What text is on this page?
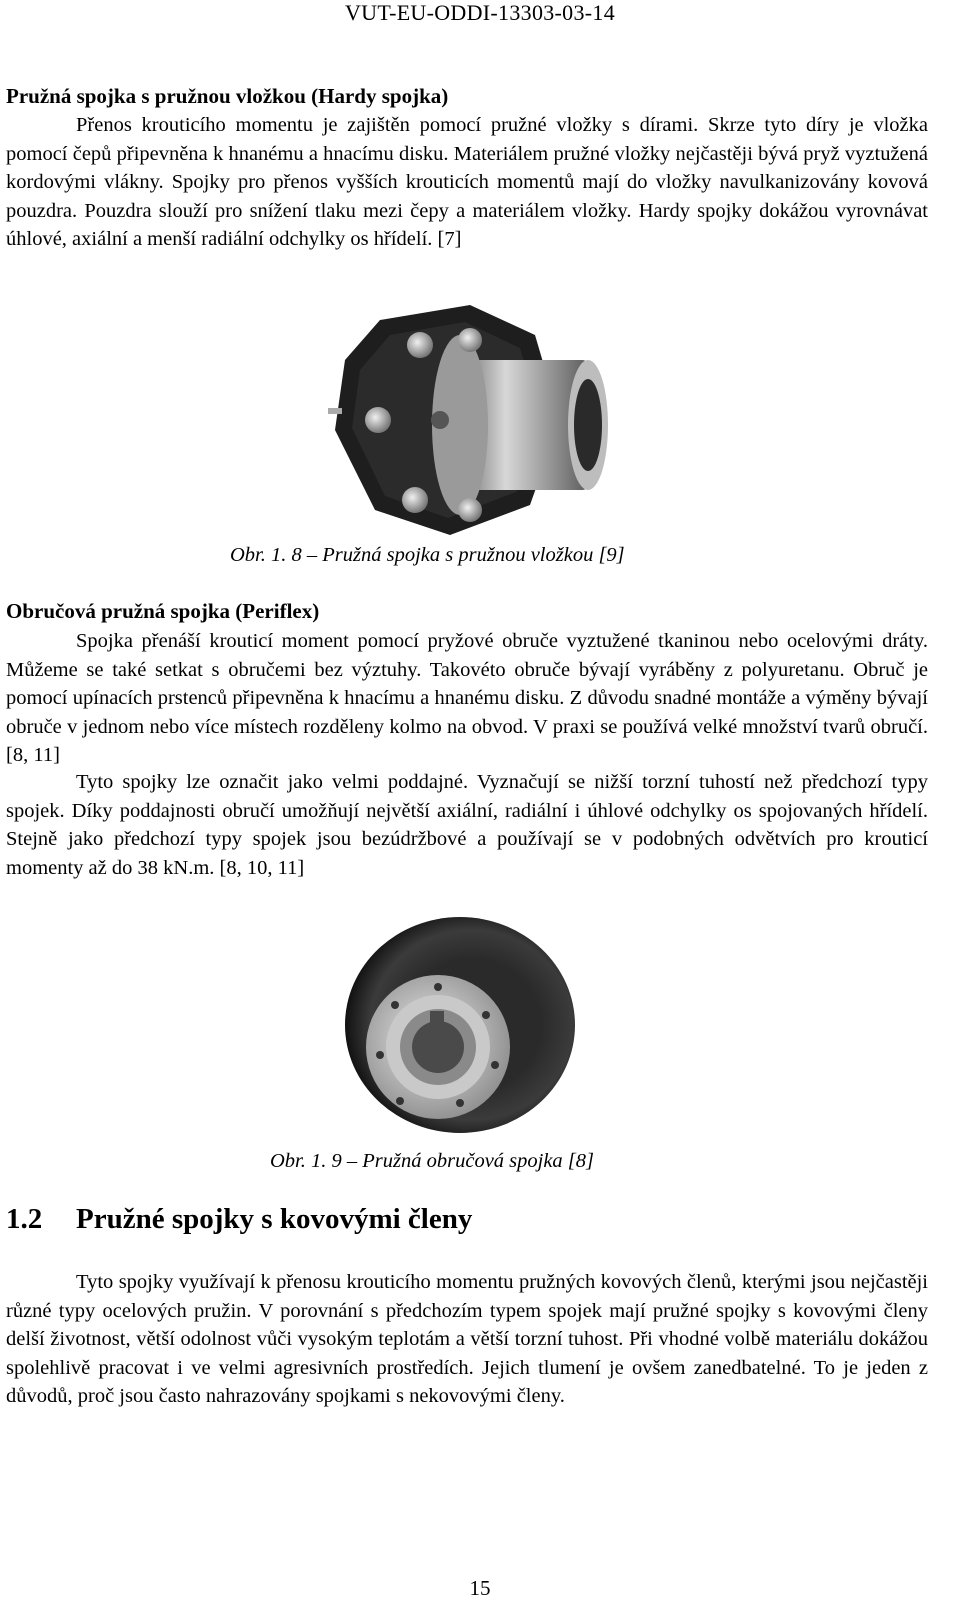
VUT-EU-ODDI-13303-03-14
Pružná spojka s pružnou vložkou (Hardy spojka)
Přenos krouticího momentu je zajištěn pomocí pružné vložky s dírami. Skrze tyto díry je vložka pomocí čepů připevněna k hnanému a hnacímu disku. Materiálem pružné vložky nejčastěji bývá pryž vyztužená kordovými vlákny. Spojky pro přenos vyšších krouticích momentů mají do vložky navulkanizovány kovová pouzdra. Pouzdra slouží pro snížení tlaku mezi čepy a materiálem vložky. Hardy spojky dokážou vyrovnávat úhlové, axiální a menší radiální odchylky os hřídelí. [7]
Obr. 1. 8 – Pružná spojka s pružnou vložkou [9]
Obručová pružná spojka (Periflex)
Spojka přenáší krouticí moment pomocí pryžové obruče vyztužené tkaninou nebo ocelovými dráty. Můžeme se také setkat s obručemi bez výztuhy. Takovéto obruče bývají vyráběny z polyuretanu. Obruč je pomocí upínacích prstenců připevněna k hnacímu a hnanému disku. Z důvodu snadné montáže a výměny bývají obruče v jednom nebo více místech rozděleny kolmo na obvod. V praxi se používá velké množství tvarů obručí. [8, 11]
Tyto spojky lze označit jako velmi poddajné. Vyznačují se nižší torzní tuhostí než předchozí typy spojek. Díky poddajnosti obručí umožňují největší axiální, radiální i úhlové odchylky os spojovaných hřídelí. Stejně jako předchozí typy spojek jsou bezúdržbové a používají se v podobných odvětvích pro krouticí momenty až do 38 kN.m. [8, 10, 11]
Obr. 1. 9 – Pružná obručová spojka [8]
1.2 Pružné spojky s kovovými členy
Tyto spojky využívají k přenosu krouticího momentu pružných kovových členů, kterými jsou nejčastěji různé typy ocelových pružin. V porovnání s předchozím typem spojek mají pružné spojky s kovovými členy delší životnost, větší odolnost vůči vysokým teplotám a větší torzní tuhost. Při vhodné volbě materiálu dokážou spolehlivě pracovat i ve velmi agresivních prostředích. Jejich tlumení je ovšem zanedbatelné. To je jeden z důvodů, proč jsou často nahrazovány spojkami s nekovovými členy.
15
